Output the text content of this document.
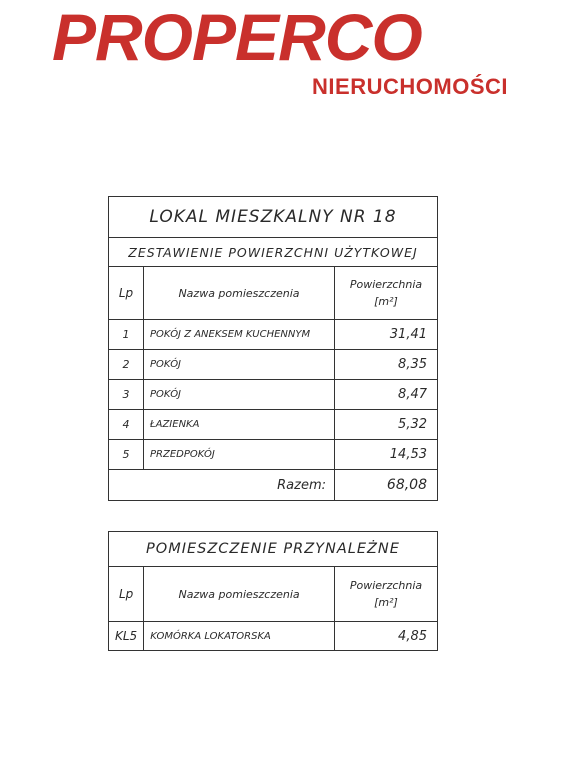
PROPERCO
NIERUCHOMOŚCI
LOKAL MIESZKALNY NR 18		
ZESTAWIENIE POWIERZCHNI UŻYTKOWEJ		
Lp	Nazwa pomieszczenia	Powierzchnia
[m²]
1	POKÓJ Z ANEKSEM KUCHENNYM	31,41
2	POKÓJ	8,35
3	POKÓJ	8,47
4	ŁAZIENKA	5,32
5	PRZEDPOKÓJ	14,53
Razem:		68,08
POMIESZCZENIE PRZYNALEŻNE		
Lp	Nazwa pomieszczenia	Powierzchnia
[m²]
KL5	KOMÓRKA LOKATORSKA	4,85
